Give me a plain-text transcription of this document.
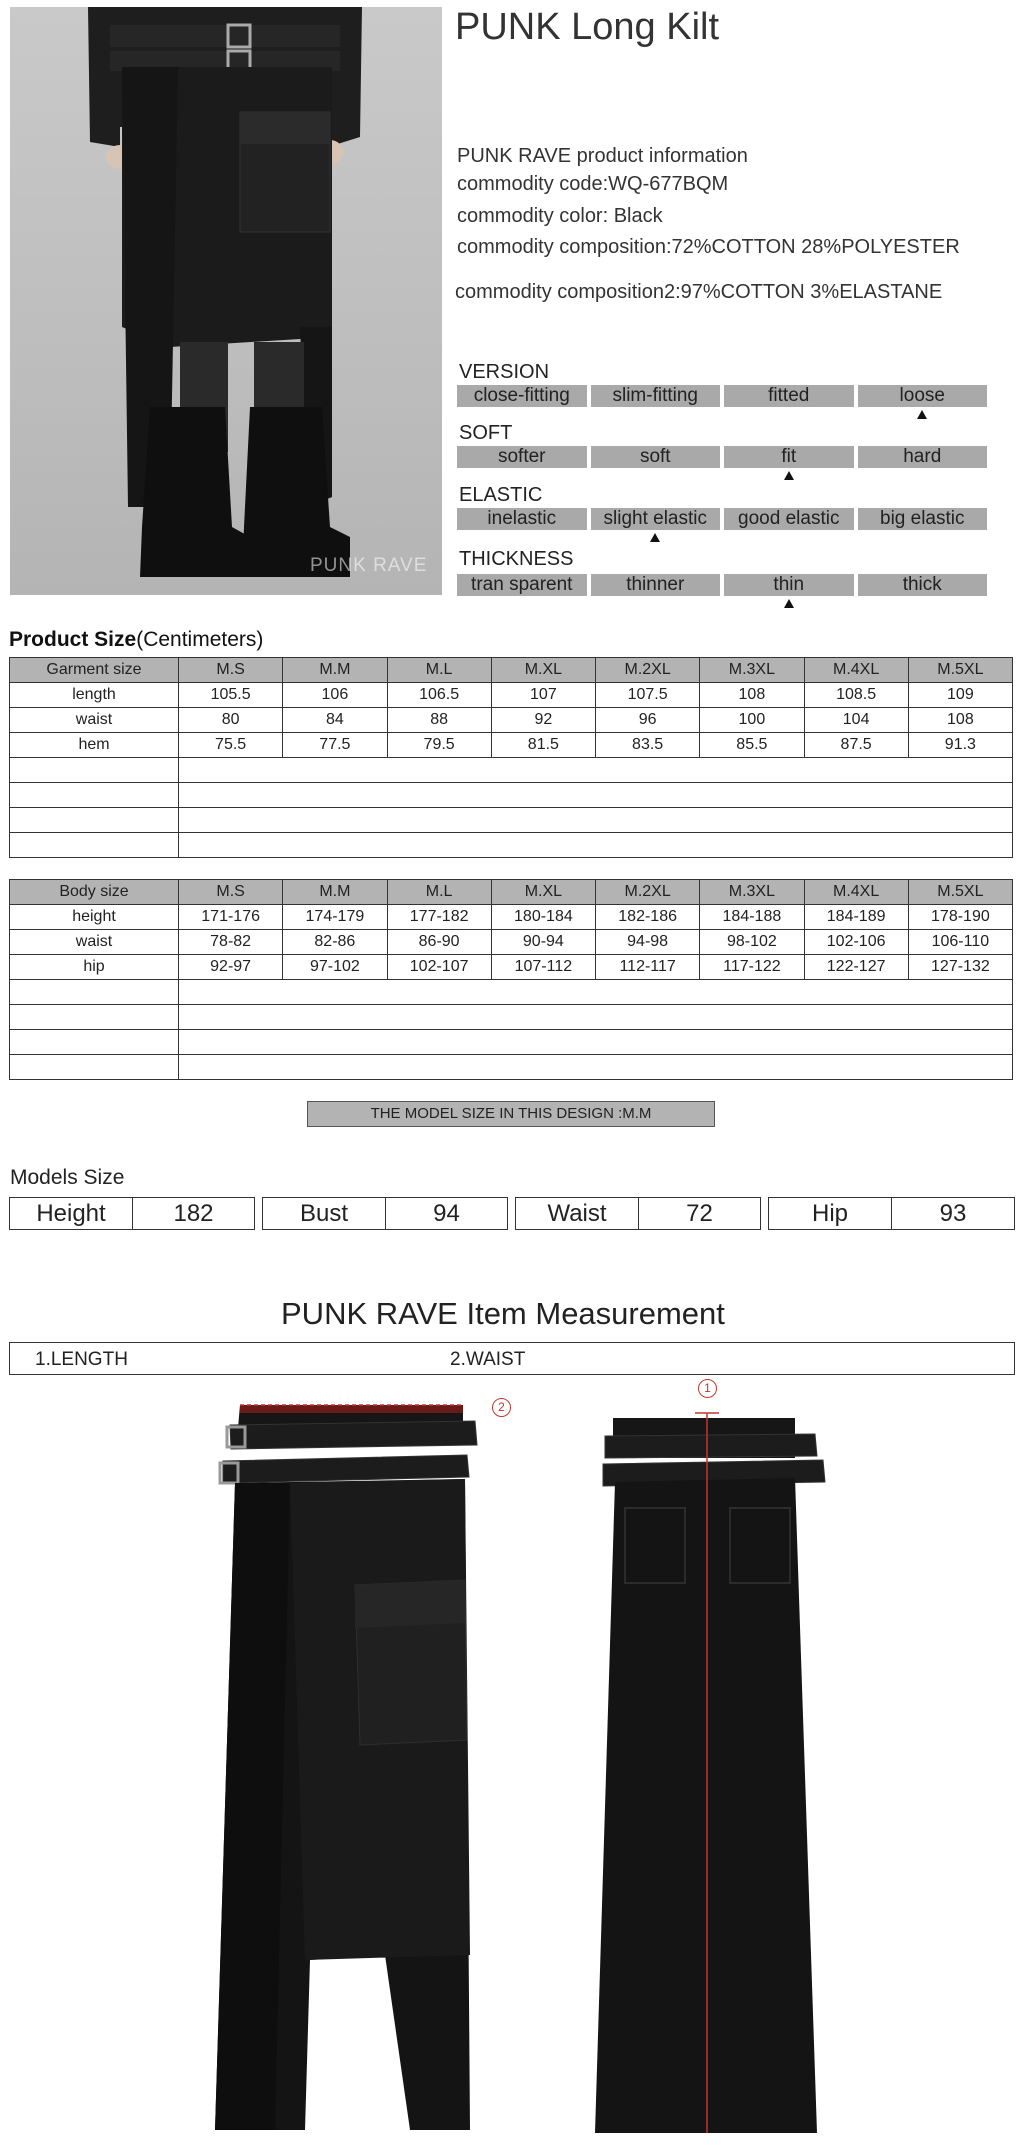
PUNK RAVE
PUNK Long Kilt
PUNK RAVE product information
commodity code:WQ-677BQM
commodity color: Black
commodity composition:72%COTTON 28%POLYESTER
commodity composition2:97%COTTON 3%ELASTANE
VERSION
close-fitting	slim-fitting	fitted	loose
SOFT
softer	soft	fit	hard
ELASTIC
inelastic	slight elastic	good elastic	big elastic
THICKNESS
tran sparent	thinner	thin	thick
Product Size(Centimeters)
Garment size	M.S	M.M	M.L	M.XL	M.2XL	M.3XL	M.4XL	M.5XL
length	105.5	106	106.5	107	107.5	108	108.5	109
waist	80	84	88	92	96	100	104	108
hem	75.5	77.5	79.5	81.5	83.5	85.5	87.5	91.3

Body size	M.S	M.M	M.L	M.XL	M.2XL	M.3XL	M.4XL	M.5XL
height	171-176	174-179	177-182	180-184	182-186	184-188	184-189	178-190
waist	78-82	82-86	86-90	90-94	94-98	98-102	102-106	106-110
hip	92-97	97-102	102-107	107-112	112-117	117-122	122-127	127-132

THE MODEL SIZE IN THIS DESIGN :M.M
Models Size
Height	182	Bust	94	Waist	72	Hip	93
PUNK RAVE Item Measurement
1.LENGTH	2.WAIST
2
1
